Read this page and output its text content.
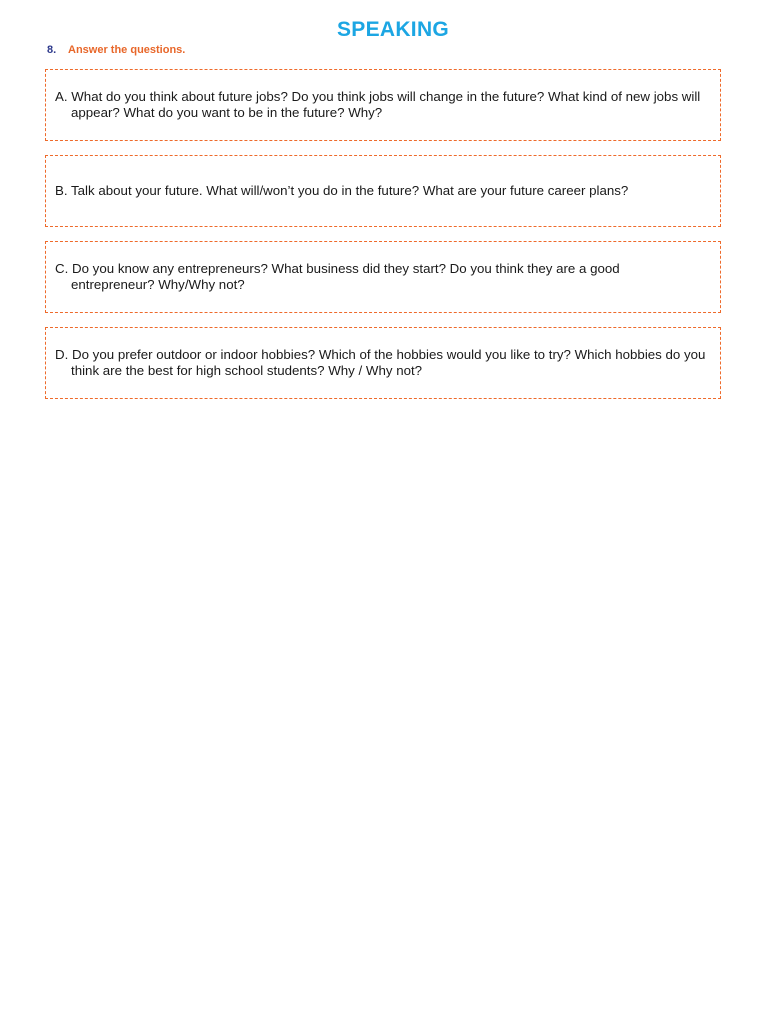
SPEAKING
8. Answer the questions.
A. What do you think about future jobs? Do you think jobs will change in the future? What kind of new jobs will appear? What do you want to be in the future? Why?
B. Talk about your future. What will/won’t you do in the future? What are your future career plans?
C. Do you know any entrepreneurs? What business did they start? Do you think they are a good entrepreneur? Why/Why not?
D. Do you prefer outdoor or indoor hobbies? Which of the hobbies would you like to try? Which hobbies do you think are the best for high school students? Why / Why not?
